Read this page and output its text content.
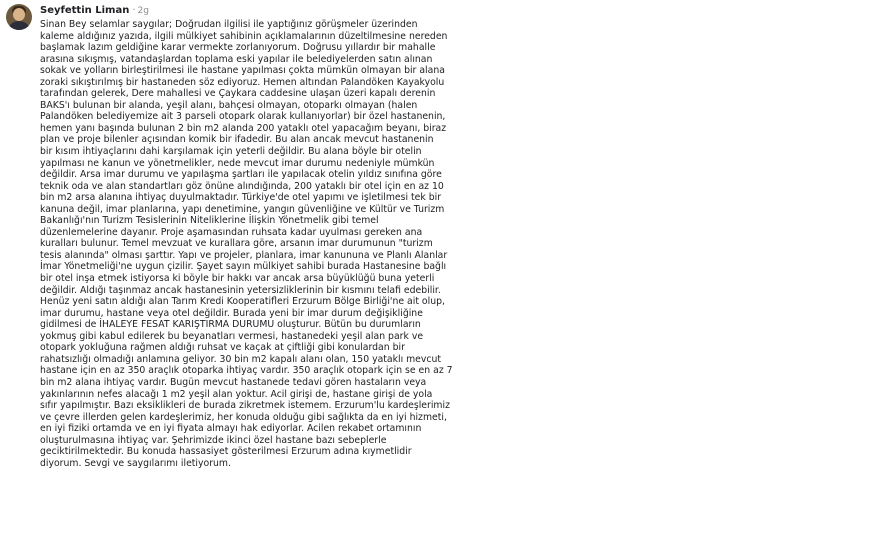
Seyfettin Liman · 2g
Sinan Bey selamlar saygılar; Doğrudan ilgilisi ile yaptığınız görüşmeler üzerinden
kaleme aldığınız yazıda, ilgili mülkiyet sahibinin açıklamalarının düzeltilmesine nereden
başlamak lazım geldiğine karar vermekte zorlanıyorum. Doğrusu yıllardır bir mahalle
arasına sıkışmış, vatandaşlardan toplama eski yapılar ile belediyelerden satın alınan
sokak ve yolların birleştirilmesi ile hastane yapılması çokta mümkün olmayan bir alana
zoraki sıkıştırılmış bir hastaneden söz ediyoruz. Hemen altından Palandöken Kayakyolu
tarafından gelerek, Dere mahallesi ve Çaykara caddesine ulaşan üzeri kapalı derenin
BAKS'ı bulunan bir alanda, yeşil alanı, bahçesi olmayan, otoparkı olmayan (halen
Palandöken belediyemize ait 3 parseli otopark olarak kullanıyorlar) bir özel hastanenin,
hemen yanı başında bulunan 2 bin m2 alanda 200 yataklı otel yapacağım beyanı, biraz
plan ve proje bilenler açısından komik bir ifadedir. Bu alan ancak mevcut hastanenin
bir kısım ihtiyaçlarını dahi karşılamak için yeterli değildir. Bu alana böyle bir otelin
yapılması ne kanun ve yönetmelikler, nede mevcut imar durumu nedeniyle mümkün
değildir. Arsa imar durumu ve yapılaşma şartları ile yapılacak otelin yıldız sınıfına göre
teknik oda ve alan standartları göz önüne alındığında, 200 yataklı bir otel için en az 10
bin m2 arsa alanına ihtiyaç duyulmaktadır. Türkiye'de otel yapımı ve işletilmesi tek bir
kanuna değil, imar planlarına, yapı denetimine, yangın güvenliğine ve Kültür ve Turizm
Bakanlığı'nın Turizm Tesislerinin Niteliklerine İlişkin Yönetmelik gibi temel
düzenlemelerine dayanır. Proje aşamasından ruhsata kadar uyulması gereken ana
kuralları bulunur. Temel mevzuat ve kurallara göre, arsanın imar durumunun "turizm
tesis alanında" olması şarttır. Yapı ve projeler, planlara, imar kanununa ve Planlı Alanlar
İmar Yönetmeliği'ne uygun çizilir. Şayet sayın mülkiyet sahibi burada Hastanesine bağlı
bir otel inşa etmek istiyorsa ki böyle bir hakkı var ancak arsa büyüklüğü buna yeterli
değildir. Aldığı taşınmaz ancak hastanesinin yetersizliklerinin bir kısmını telafi edebilir.
Henüz yeni satın aldığı alan Tarım Kredi Kooperatifleri Erzurum Bölge Birliği'ne ait olup,
imar durumu, hastane veya otel değildir. Burada yeni bir imar durum değişikliğine
gidilmesi de İHALEYE FESAT KARIŞTIRMA DURUMU oluşturur. Bütün bu durumların
yokmuş gibi kabul edilerek bu beyanatları vermesi, hastanedeki yeşil alan park ve
otopark yokluğuna rağmen aldığı ruhsat ve kaçak at çiftliği gibi konulardan bir
rahatsızlığı olmadığı anlamına geliyor. 30 bin m2 kapalı alanı olan, 150 yataklı mevcut
hastane için en az 350 araçlık otoparka ihtiyaç vardır. 350 araçlık otopark için se en az 7
bin m2 alana ihtiyaç vardır. Bugün mevcut hastanede tedavi gören hastaların veya
yakınlarının nefes alacağı 1 m2 yeşil alan yoktur. Acil girişi de, hastane girişi de yola
sıfır yapılmıştır. Bazı eksiklikleri de burada zikretmek istemem. Erzurum'lu kardeşlerimiz
ve çevre illerden gelen kardeşlerimiz, her konuda olduğu gibi sağlıkta da en iyi hizmeti,
en iyi fiziki ortamda ve en iyi fiyata almayı hak ediyorlar. Acilen rekabet ortamının
oluşturulmasına ihtiyaç var. Şehrimizde ikinci özel hastane bazı sebeplerle
geciktirilmektedir. Bu konuda hassasiyet gösterilmesi Erzurum adına kıymetlidir
diyorum. Sevgi ve saygılarımı iletiyorum.
